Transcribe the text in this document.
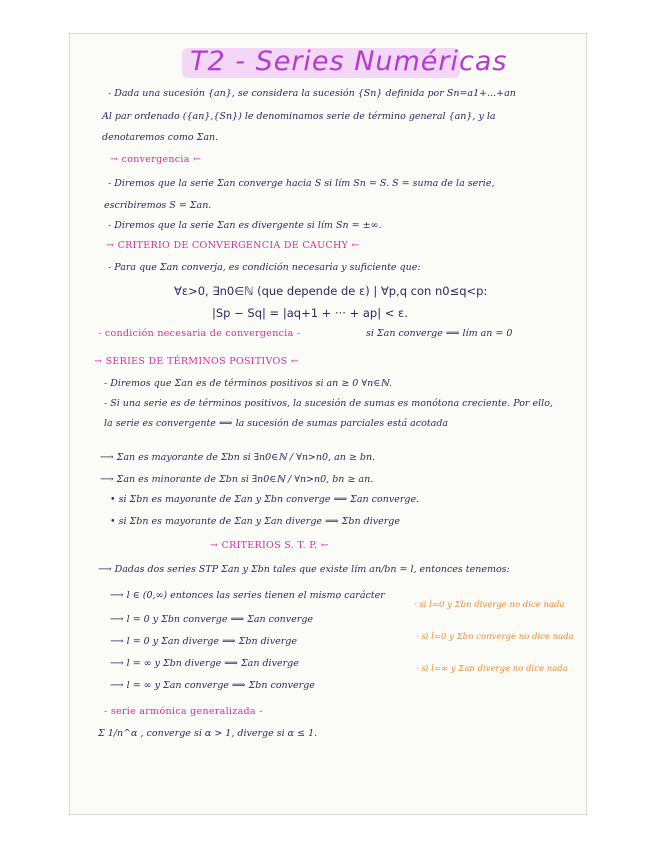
T2 - Series Numéricas
- Dada una sucesión {an}, se considera la sucesión {Sn} definida por Sn=a1+...+an
Al par ordenado ({an},{Sn}) le denominamos serie de término general {an}, y la
denotaremos como Σan.
→ convergencia ←
- Diremos que la serie Σan converge hacia S si lím Sn = S. S = suma de la serie,
escribiremos S = Σan.
- Diremos que la serie Σan es divergente si lím Sn = ±∞.
→ CRITERIO DE CONVERGENCIA DE CAUCHY ←
- Para que Σan converja, es condición necesaria y suficiente que:
∀ε>0, ∃n0∈ℕ (que depende de ε) | ∀p,q con n0≤q<p:
|Sp − Sq| = |aq+1 + ··· + ap| < ε.
- condición necesaria de convergencia -	si Σan converge ⟹ lím an = 0
→ SERIES DE TÉRMINOS POSITIVOS ←
- Diremos que Σan es de términos positivos si an ≥ 0 ∀n∈ℕ.
- Si una serie es de términos positivos, la sucesión de sumas es monótona creciente. Por ello,
la serie es convergente ⟺ la sucesión de sumas parciales está acotada
⟶ Σan es mayorante de Σbn si ∃n0∈ℕ / ∀n>n0, an ≥ bn.
⟶ Σan es minorante de Σbn si ∃n0∈ℕ / ∀n>n0, bn ≥ an.
• si Σbn es mayorante de Σan y Σbn converge ⟹ Σan converge.
• si Σbn es mayorante de Σan y Σan diverge ⟹ Σbn diverge
→ CRITERIOS S. T. P. ←
⟶ Dadas dos series STP Σan y Σbn tales que existe lím an/bn = l, entonces tenemos:
⟶ l ∈ (0,∞) entonces las series tienen el mismo carácter
⟶ l = 0 y Σbn converge ⟹ Σan converge
⟶ l = 0 y Σan diverge ⟹ Σbn diverge
⟶ l = ∞ y Σbn diverge ⟹ Σan diverge
⟶ l = ∞ y Σan converge ⟹ Σbn converge
· si l=0 y Σbn diverge no dice nada
· si l=0 y Σbn converge no dice nada
· si l=∞ y Σan diverge no dice nada
- serie armónica generalizada -
Σ 1/n^α , converge si α > 1, diverge si α ≤ 1.
